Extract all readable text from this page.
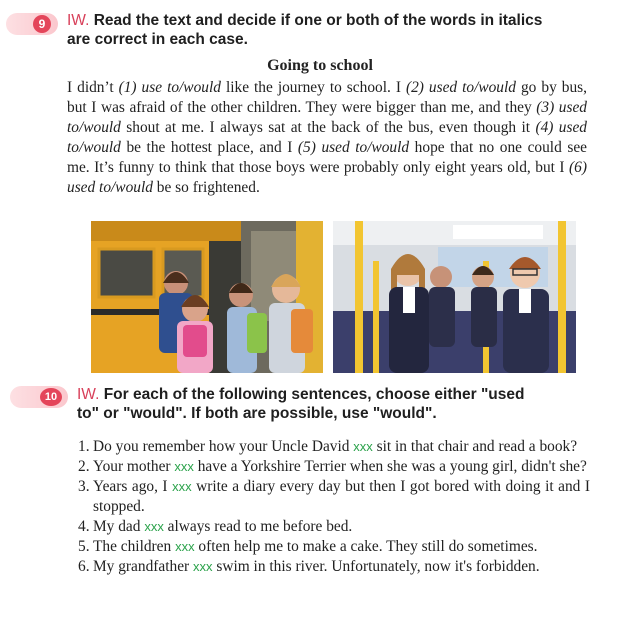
9	IW. Read the text and decide if one or both of the words in italics
are correct in each case.
Going to school

I didn’t (1) use to/would like the journey to school. I (2) used to/would go by bus, but I was afraid of the other children. They were bigger than me, and they (3) used to/would shout at me. I always sat at the back of the bus, even though it (4) used to/would be the hottest place, and I (5) used to/would hope that no one could see me. It’s funny to think that those boys were probably only eight years old, but I (6) used to/would be so frightened.

10	IW. For each of the following sentences, choose either "used
to" or "would". If both are possible, use "would".
1. Do you remember how your Uncle David xxx sit in that chair and read a book?
2. Your mother xxx have a Yorkshire Terrier when she was a young girl, didn't she?
3. Years ago, I xxx write a diary every day but then I got bored with doing it and I stopped.
4. My dad xxx always read to me before bed.
5. The children xxx often help me to make a cake. They still do sometimes.
6. My grandfather xxx swim in this river. Unfortunately, now it's forbidden.
